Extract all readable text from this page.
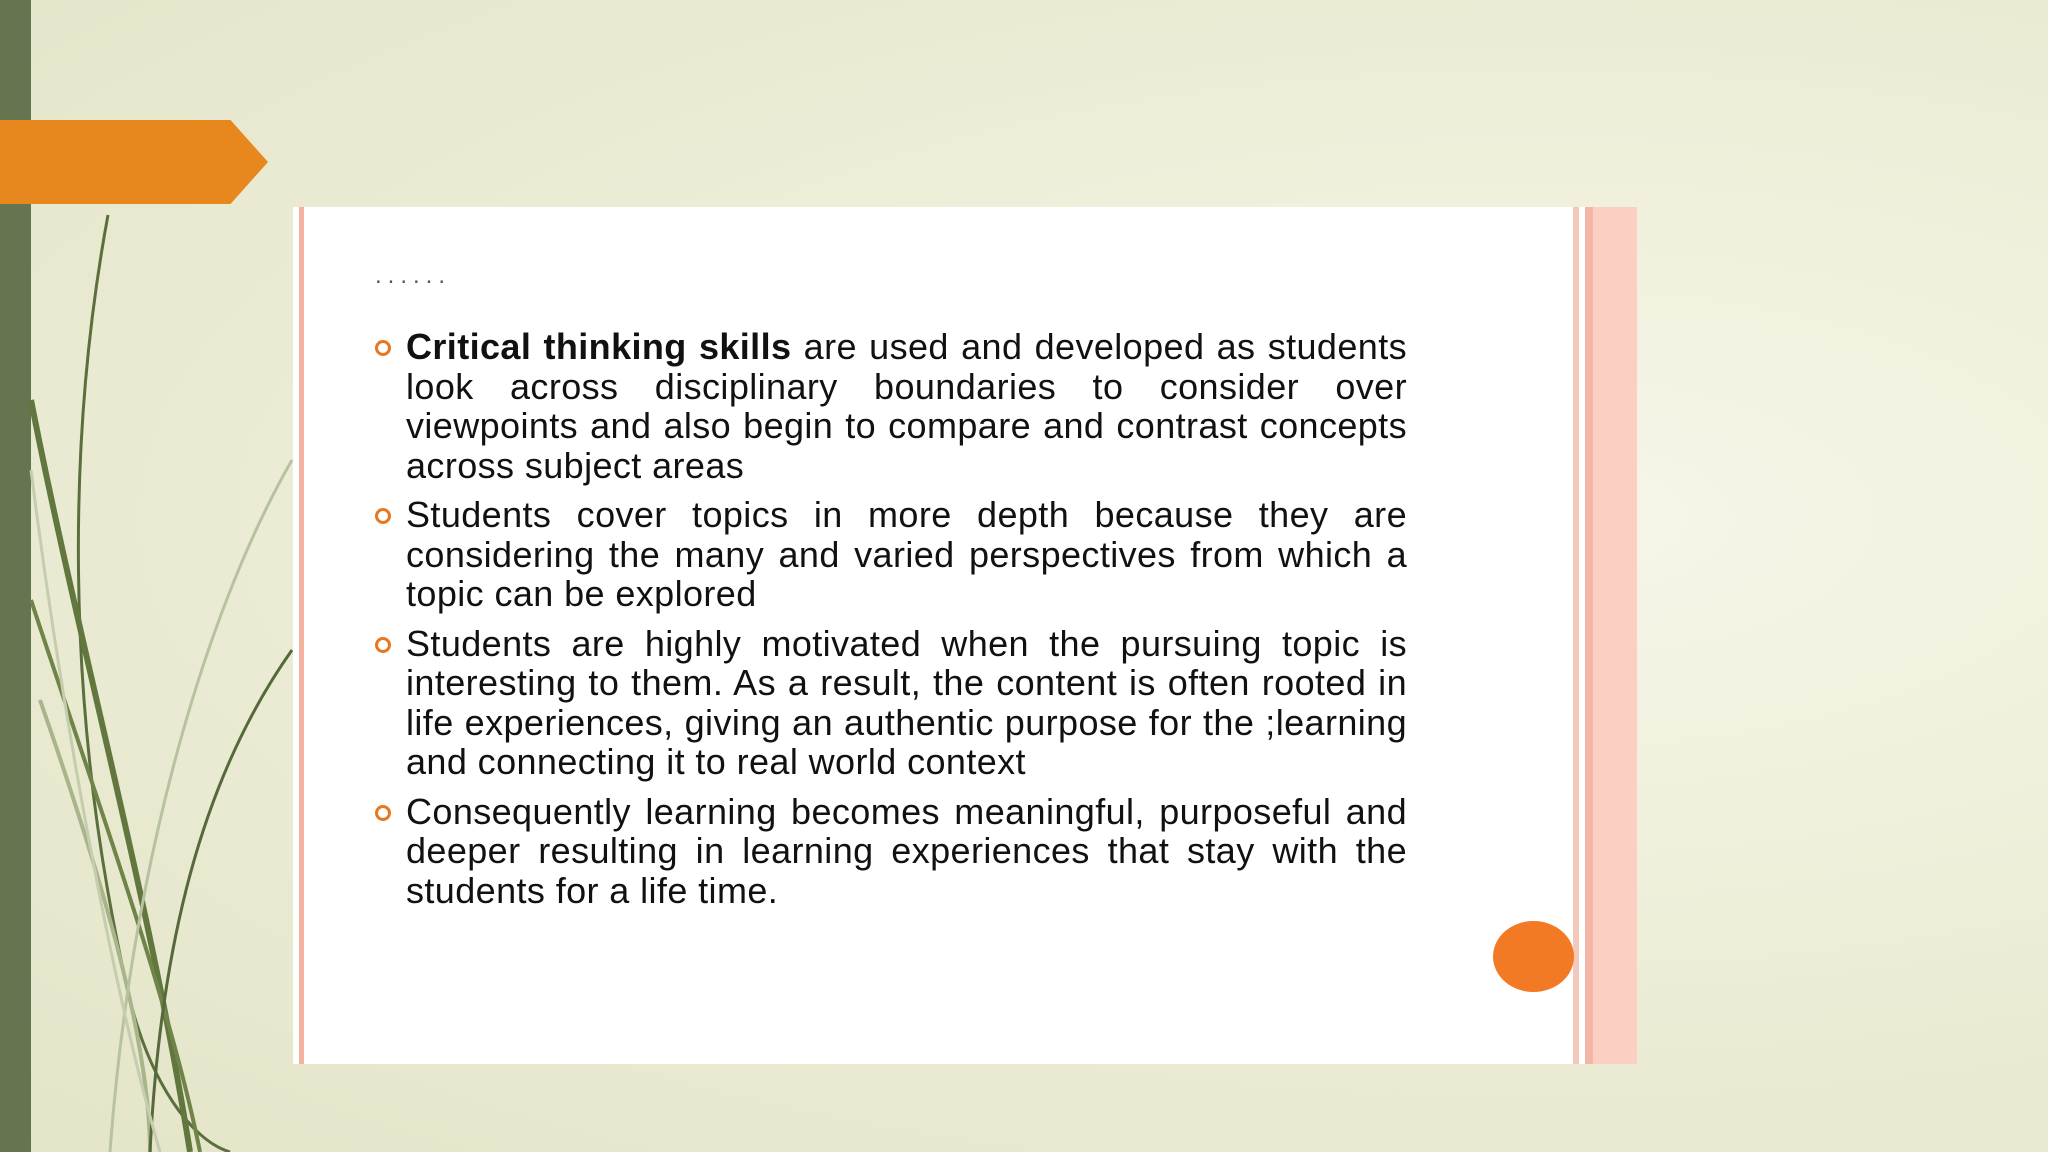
......
Critical thinking skills are used and developed as students look across disciplinary boundaries to consider over viewpoints and also begin to compare and contrast concepts across subject areas
Students cover topics in more depth because they are considering the many and varied perspectives from which a topic can be explored
Students are highly motivated when the pursuing topic is interesting to them. As a result, the content is often rooted in life experiences, giving an authentic purpose for the ;learning and connecting it to real world context
Consequently learning becomes meaningful, purposeful and deeper resulting in learning experiences that stay with the students for a life time.
